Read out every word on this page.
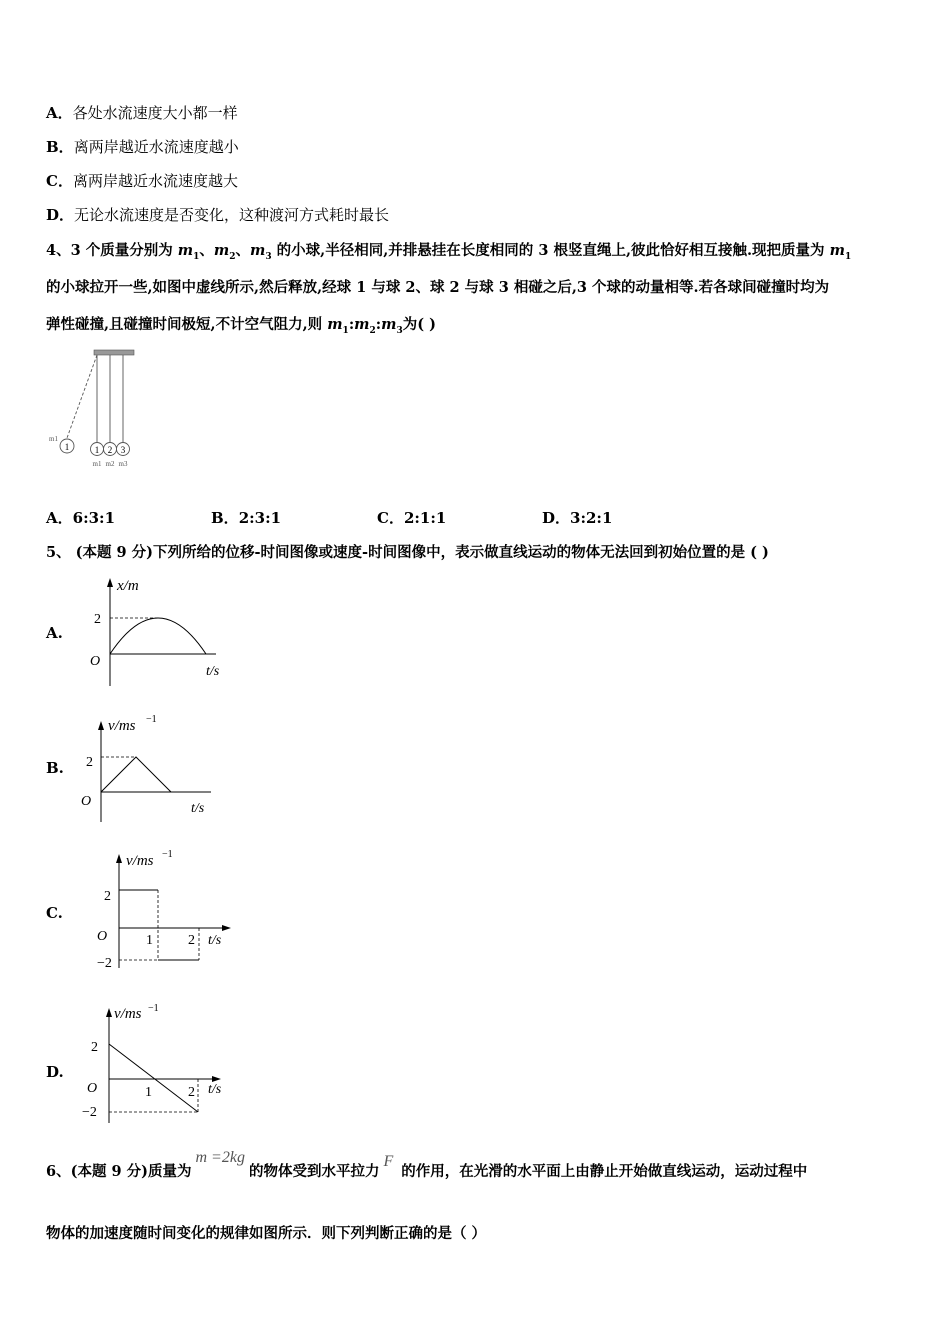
A．各处水流速度大小都一样
B．离两岸越近水流速度越小
C．离两岸越近水流速度越大
D．无论水流速度是否变化，这种渡河方式耗时最长
4、3 个质量分别为 $m_1$、$m_2$、$m_3$ 的小球,半径相同,并排悬挂在长度相同的 3 根竖直绳上,彼此恰好相互接触.现把质量为 $m_1$
的小球拉开一些,如图中虚线所示,然后释放,经球 1 与球 2、球 2 与球 3 相碰之后,3 个球的动量相等.若各球间碰撞时均为
弹性碰撞,且碰撞时间极短,不计空气阻力,则 $m_1:m_2:m_3$为( )
1
m1
1 2 3
m1 m2 m3
A．6:3:1	B．2:3:1	C．2:1:1	D．3:2:1
5、 (本题 9 分)下列所给的位移-时间图像或速度-时间图像中，表示做直线运动的物体无法回到初始位置的是 ( )
A.
x/m
2
O
t/s
B.
v/ms −1
2
O	t/s
C.
v/ms −1
2
−2
O	1	2 t/s
D.
v/ms −1
2
−2
O	1	2 t/s
6、(本题 9 分)质量为m =2kg的物体受到水平拉力F的作用，在光滑的水平面上由静止开始做直线运动，运动过程中
物体的加速度随时间变化的规律如图所示．则下列判断正确的是（ ）
